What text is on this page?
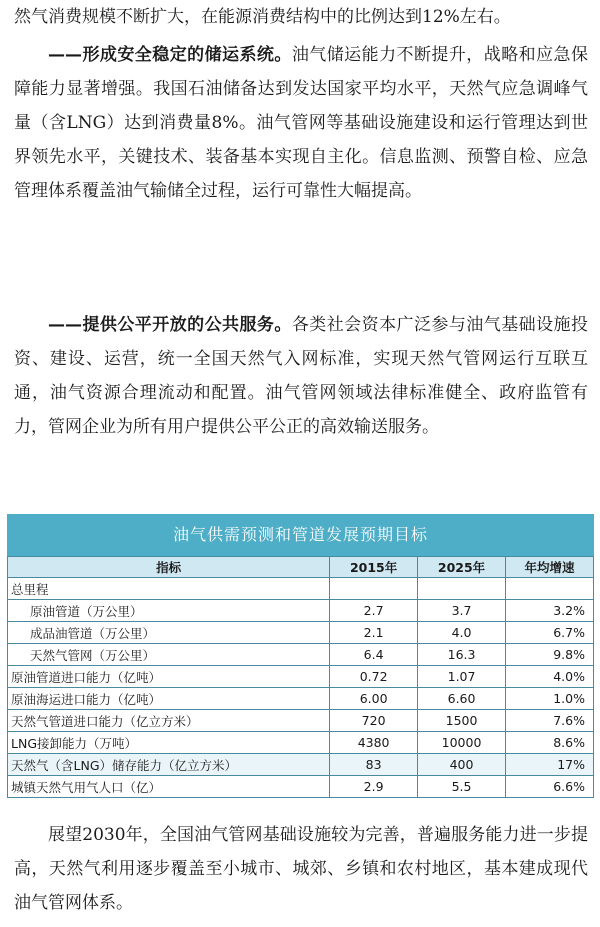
然气消费规模不断扩大，在能源消费结构中的比例达到12%左右。

——形成安全稳定的储运系统。油气储运能力不断提升，战略和应急保障能力显著增强。我国石油储备达到发达国家平均水平，天然气应急调峰气量（含LNG）达到消费量8%。油气管网等基础设施建设和运行管理达到世界领先水平，关键技术、装备基本实现自主化。信息监测、预警自检、应急管理体系覆盖油气输储全过程，运行可靠性大幅提高。

——提供公平开放的公共服务。各类社会资本广泛参与油气基础设施投资、建设、运营，统一全国天然气入网标准，实现天然气管网运行互联互通，油气资源合理流动和配置。油气管网领域法律标准健全、政府监管有力，管网企业为所有用户提供公平公正的高效输送服务。

油气供需预测和管道发展预期目标
指标	2015年	2025年	年均增速
总里程			
原油管道（万公里）	2.7	3.7	3.2%
成品油管道（万公里）	2.1	4.0	6.7%
天然气管网（万公里）	6.4	16.3	9.8%
原油管道进口能力（亿吨）	0.72	1.07	4.0%
原油海运进口能力（亿吨）	6.00	6.60	1.0%
天然气管道进口能力（亿立方米）	720	1500	7.6%
LNG接卸能力（万吨）	4380	10000	8.6%
天然气（含LNG）储存能力（亿立方米）	83	400	17%
城镇天然气用气人口（亿）	2.9	5.5	6.6%

展望2030年，全国油气管网基础设施较为完善，普遍服务能力进一步提高，天然气利用逐步覆盖至小城市、城郊、乡镇和农村地区，基本建成现代油气管网体系。
